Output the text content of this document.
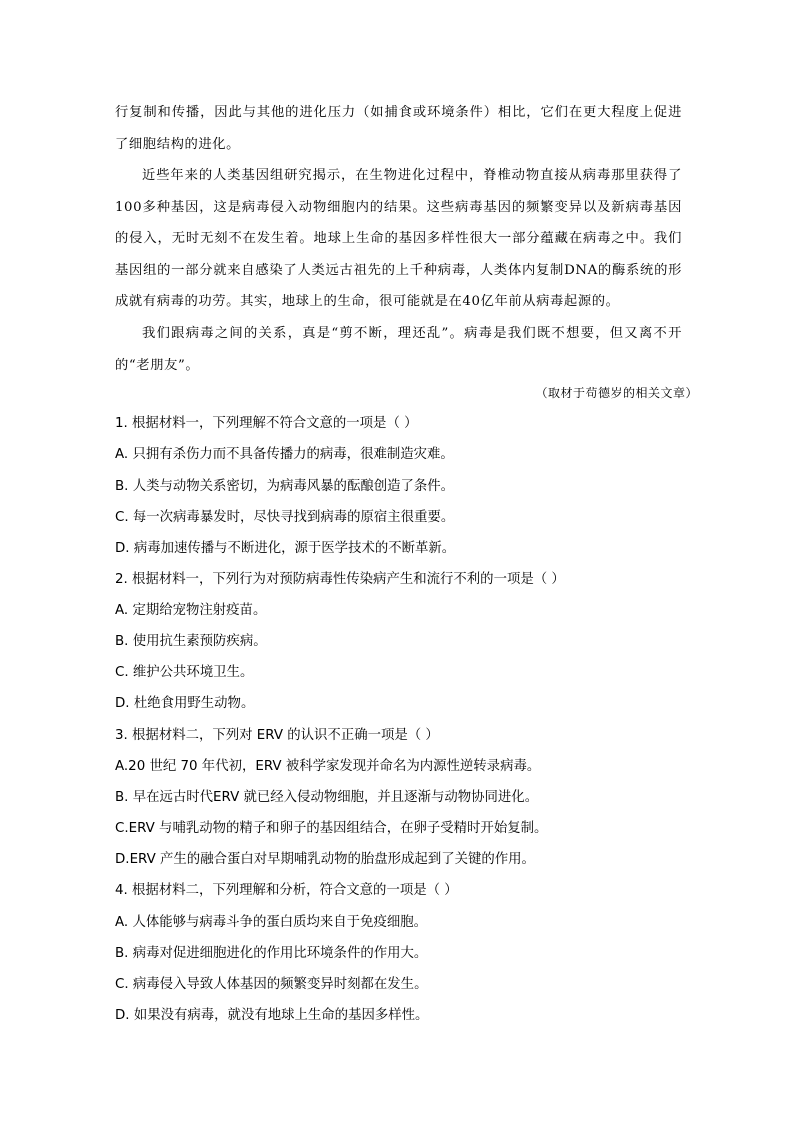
行复制和传播，因此与其他的进化压力（如捕食或环境条件）相比，它们在更大程度上促进了细胞结构的进化。
近些年来的人类基因组研究揭示，在生物进化过程中，脊椎动物直接从病毒那里获得了100多种基因，这是病毒侵入动物细胞内的结果。这些病毒基因的频繁变异以及新病毒基因的侵入，无时无刻不在发生着。地球上生命的基因多样性很大一部分蕴藏在病毒之中。我们基因组的一部分就来自感染了人类远古祖先的上千种病毒，人类体内复制DNA的酶系统的形成就有病毒的功劳。其实，地球上的生命，很可能就是在40亿年前从病毒起源的。
我们跟病毒之间的关系，真是“剪不断，理还乱”。病毒是我们既不想要，但又离不开的“老朋友”。
（取材于茍德岁的相关文章）
1. 根据材料一，下列理解不符合文意的一项是（ ）
A. 只拥有杀伤力而不具备传播力的病毒，很难制造灾难。
B. 人类与动物关系密切，为病毒风暴的酝酿创造了条件。
C. 每一次病毒暴发时，尽快寻找到病毒的原宿主很重要。
D. 病毒加速传播与不断进化，源于医学技术的不断革新。
2. 根据材料一，下列行为对预防病毒性传染病产生和流行不利的一项是（ ）
A. 定期给宠物注射疫苗。
B. 使用抗生素预防疾病。
C. 维护公共环境卫生。
D. 杜绝食用野生动物。
3. 根据材料二，下列对 ERV 的认识不正确一项是（ ）
A.20 世纪 70 年代初，ERV 被科学家发现并命名为内源性逆转录病毒。
B. 早在远古时代ERV 就已经入侵动物细胞，并且逐渐与动物协同进化。
C.ERV 与哺乳动物的精子和卵子的基因组结合，在卵子受精时开始复制。
D.ERV 产生的融合蛋白对早期哺乳动物的胎盘形成起到了关键的作用。
4. 根据材料二，下列理解和分析，符合文意的一项是（ ）
A. 人体能够与病毒斗争的蛋白质均来自于免疫细胞。
B. 病毒对促进细胞进化的作用比环境条件的作用大。
C. 病毒侵入导致人体基因的频繁变异时刻都在发生。
D. 如果没有病毒，就没有地球上生命的基因多样性。
